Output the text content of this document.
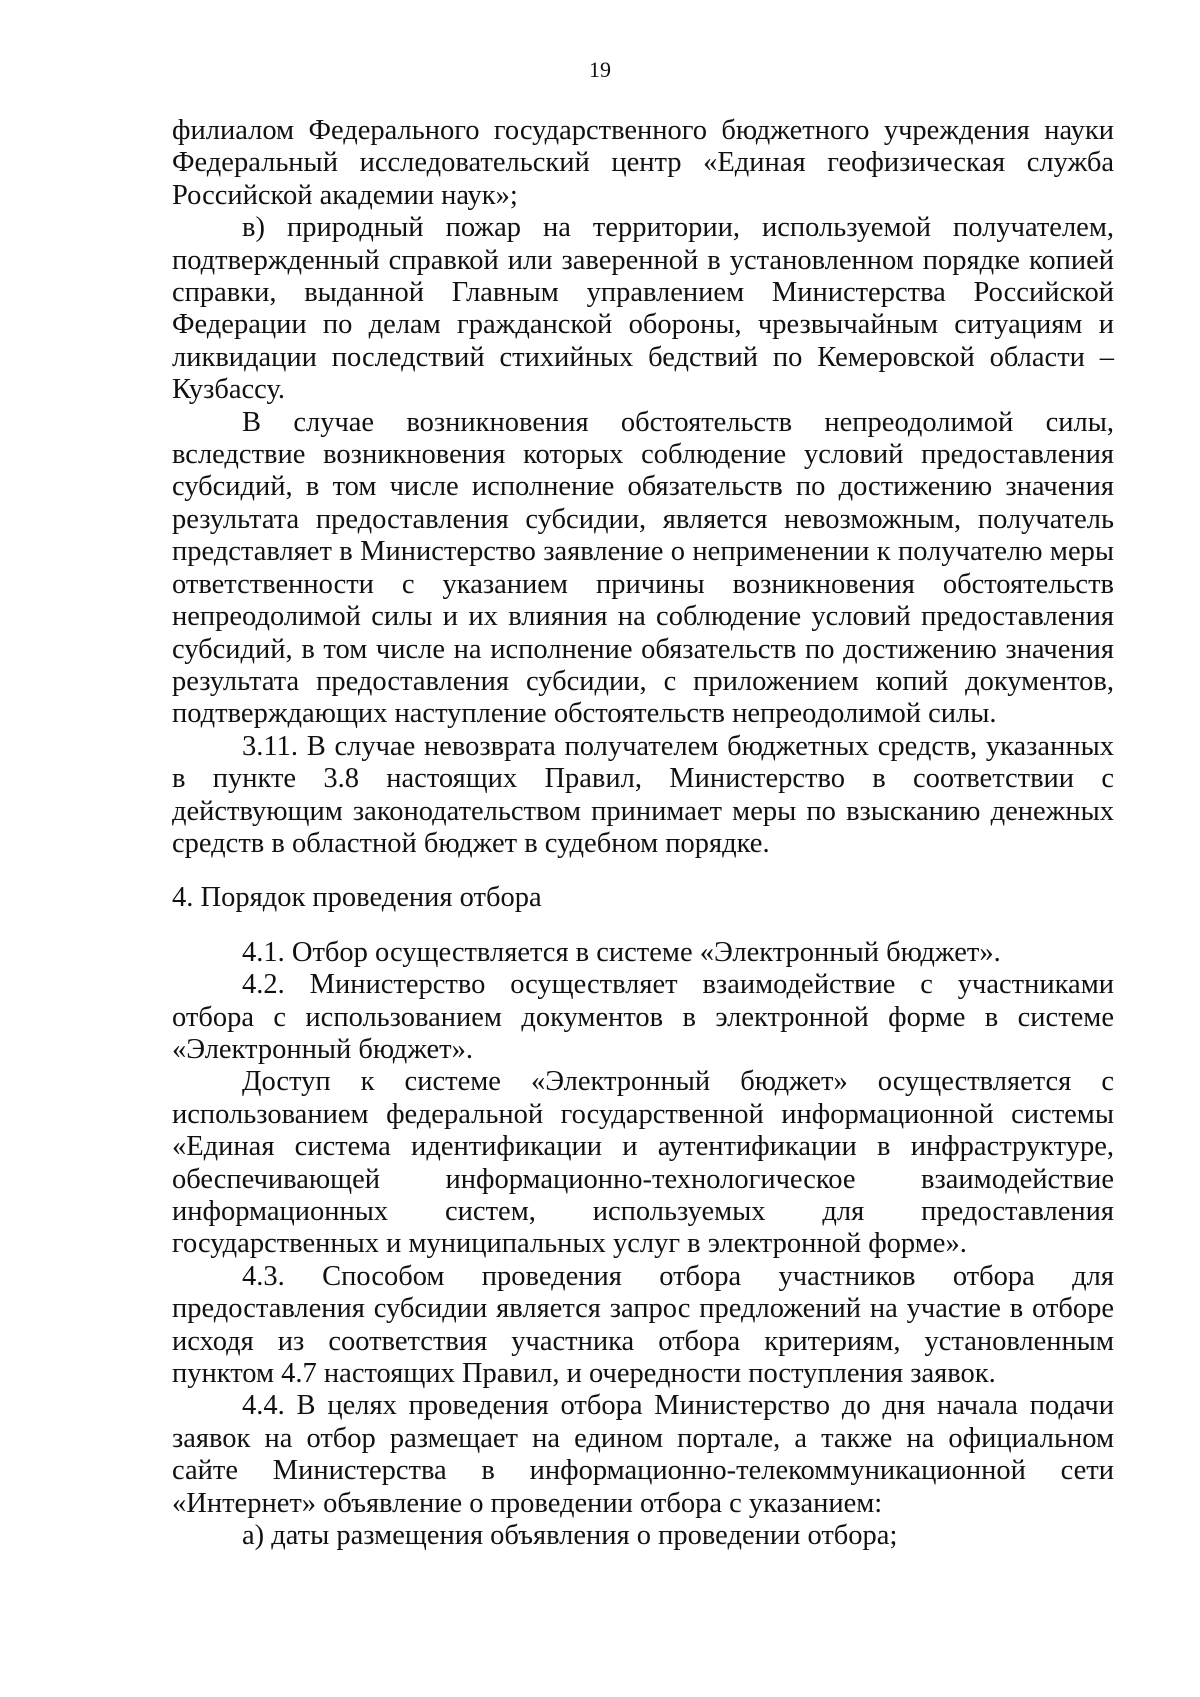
19

филиалом Федерального государственного бюджетного учреждения науки Федеральный исследовательский центр «Единая геофизическая служба Российской академии наук»;

в) природный пожар на территории, используемой получателем, подтвержденный справкой или заверенной в установленном порядке копией справки, выданной Главным управлением Министерства Российской Федерации по делам гражданской обороны, чрезвычайным ситуациям и ликвидации последствий стихийных бедствий по Кемеровской области – Кузбассу.

В случае возникновения обстоятельств непреодолимой силы, вследствие возникновения которых соблюдение условий предоставления субсидий, в том числе исполнение обязательств по достижению значения результата предоставления субсидии, является невозможным, получатель представляет в Министерство заявление о неприменении к получателю меры ответственности с указанием причины возникновения обстоятельств непреодолимой силы и их влияния на соблюдение условий предоставления субсидий, в том числе на исполнение обязательств по достижению значения результата предоставления субсидии, с приложением копий документов, подтверждающих наступление обстоятельств непреодолимой силы.

3.11. В случае невозврата получателем бюджетных средств, указанных в пункте 3.8 настоящих Правил, Министерство в соответствии с действующим законодательством принимает меры по взысканию денежных средств в областной бюджет в судебном порядке.

4. Порядок проведения отбора

4.1. Отбор осуществляется в системе «Электронный бюджет».

4.2. Министерство осуществляет взаимодействие с участниками отбора с использованием документов в электронной форме в системе «Электронный бюджет».

Доступ к системе «Электронный бюджет» осуществляется с использованием федеральной государственной информационной системы «Единая система идентификации и аутентификации в инфраструктуре, обеспечивающей информационно-технологическое взаимодействие информационных систем, используемых для предоставления государственных и муниципальных услуг в электронной форме».

4.3. Способом проведения отбора участников отбора для предоставления субсидии является запрос предложений на участие в отборе исходя из соответствия участника отбора критериям, установленным пунктом 4.7 настоящих Правил, и очередности поступления заявок.

4.4. В целях проведения отбора Министерство до дня начала подачи заявок на отбор размещает на едином портале, а также на официальном сайте Министерства в информационно-телекоммуникационной сети «Интернет» объявление о проведении отбора с указанием:

а) даты размещения объявления о проведении отбора;
